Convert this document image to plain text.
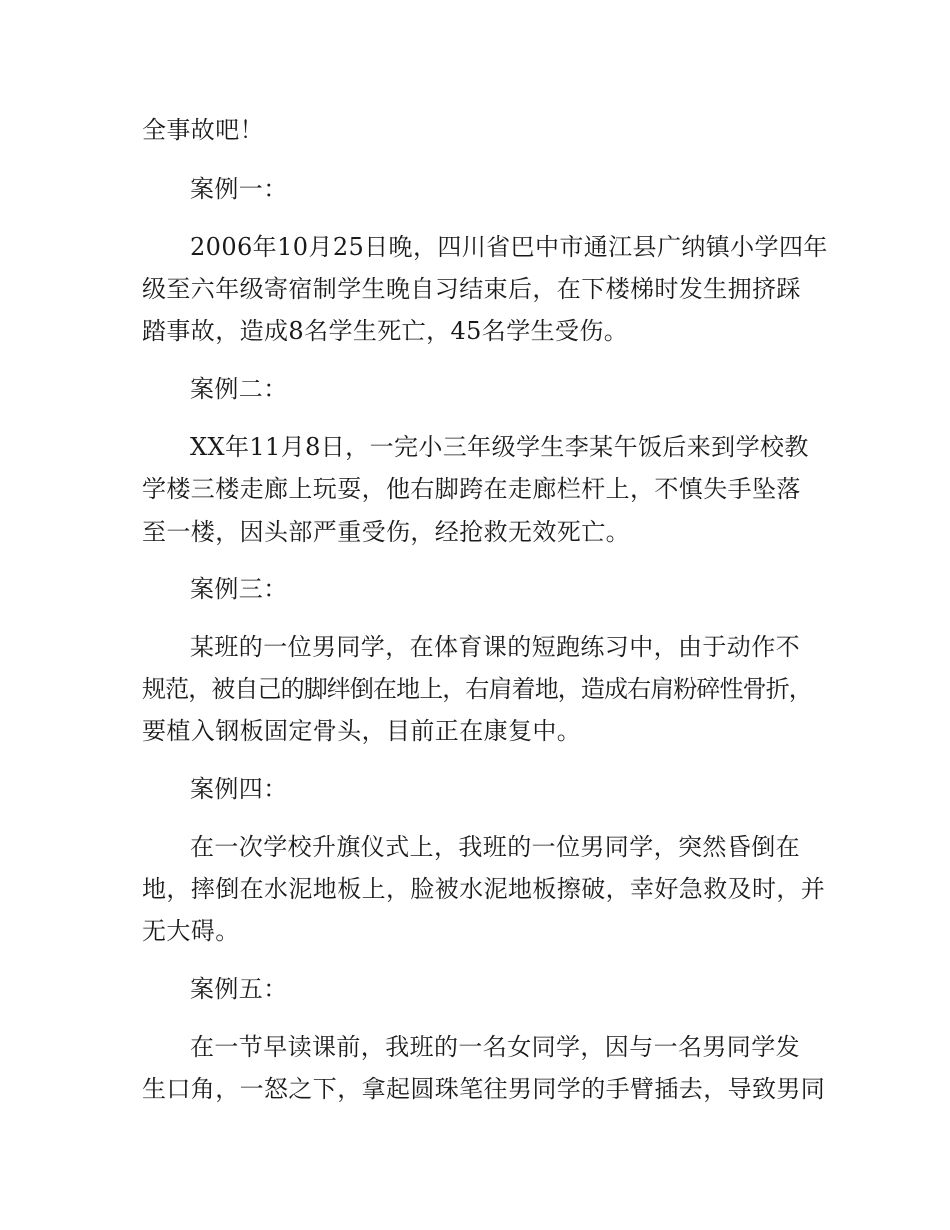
全事故吧！
案例一：
2006年10月25日晚，四川省巴中市通江县广纳镇小学四年
级至六年级寄宿制学生晚自习结束后，在下楼梯时发生拥挤踩
踏事故，造成8名学生死亡，45名学生受伤。
案例二：
XX年11月8日，一完小三年级学生李某午饭后来到学校教
学楼三楼走廊上玩耍，他右脚跨在走廊栏杆上，不慎失手坠落
至一楼，因头部严重受伤，经抢救无效死亡。
案例三：
某班的一位男同学，在体育课的短跑练习中，由于动作不
规范，被自己的脚绊倒在地上，右肩着地，造成右肩粉碎性骨折，
要植入钢板固定骨头，目前正在康复中。
案例四：
在一次学校升旗仪式上，我班的一位男同学，突然昏倒在
地，摔倒在水泥地板上，脸被水泥地板擦破，幸好急救及时，并
无大碍。
案例五：
在一节早读课前，我班的一名女同学，因与一名男同学发
生口角，一怒之下，拿起圆珠笔往男同学的手臂插去，导致男同
